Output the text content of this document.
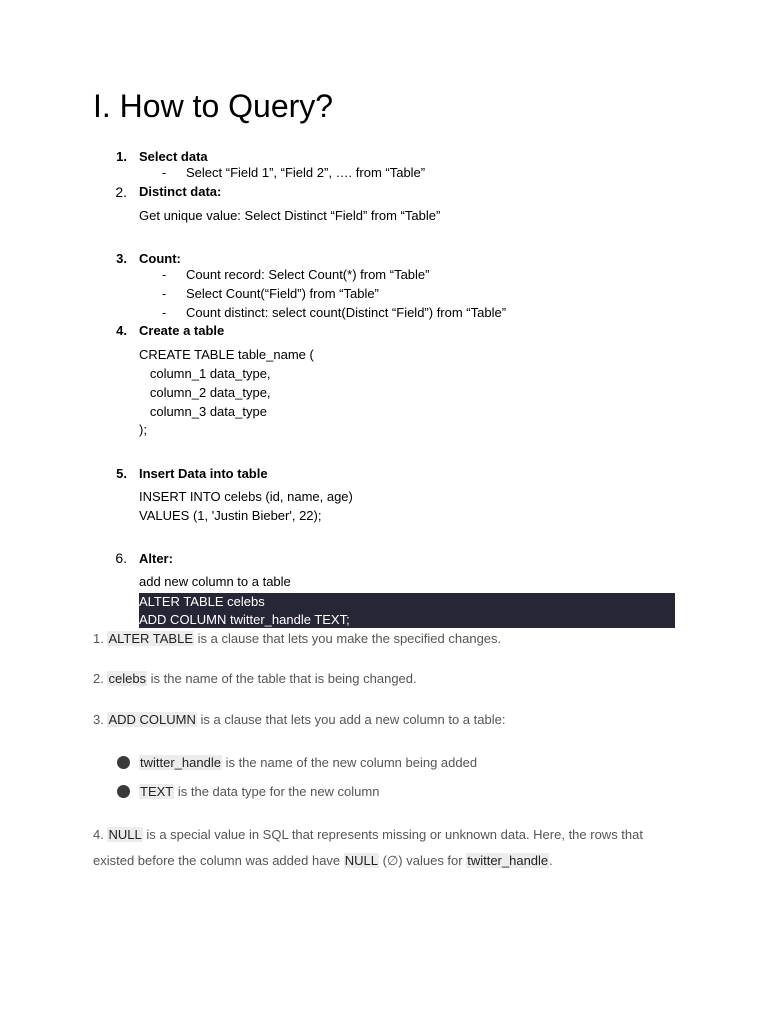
I. How to Query?
1. Select data
- Select “Field 1”, “Field 2”, …. from “Table”
2. Distinct data:
Get unique value: Select Distinct “Field” from “Table”
3. Count:
- Count record: Select Count(*) from “Table”
- Select Count(“Field”) from “Table”
- Count distinct: select count(Distinct “Field”) from “Table”
4. Create a table
CREATE TABLE table_name (
column_1 data_type,
column_2 data_type,
column_3 data_type
);
5. Insert Data into table
INSERT INTO celebs (id, name, age)
VALUES (1, 'Justin Bieber', 22);
6. Alter:
add new column to a table
ALTER TABLE celebs
ADD COLUMN twitter_handle TEXT;
1. ALTER TABLE is a clause that lets you make the specified changes.
2. celebs is the name of the table that is being changed.
3. ADD COLUMN is a clause that lets you add a new column to a table:
twitter_handle is the name of the new column being added
TEXT is the data type for the new column
4. NULL is a special value in SQL that represents missing or unknown data. Here, the rows that
existed before the column was added have NULL (∅) values for twitter_handle.
